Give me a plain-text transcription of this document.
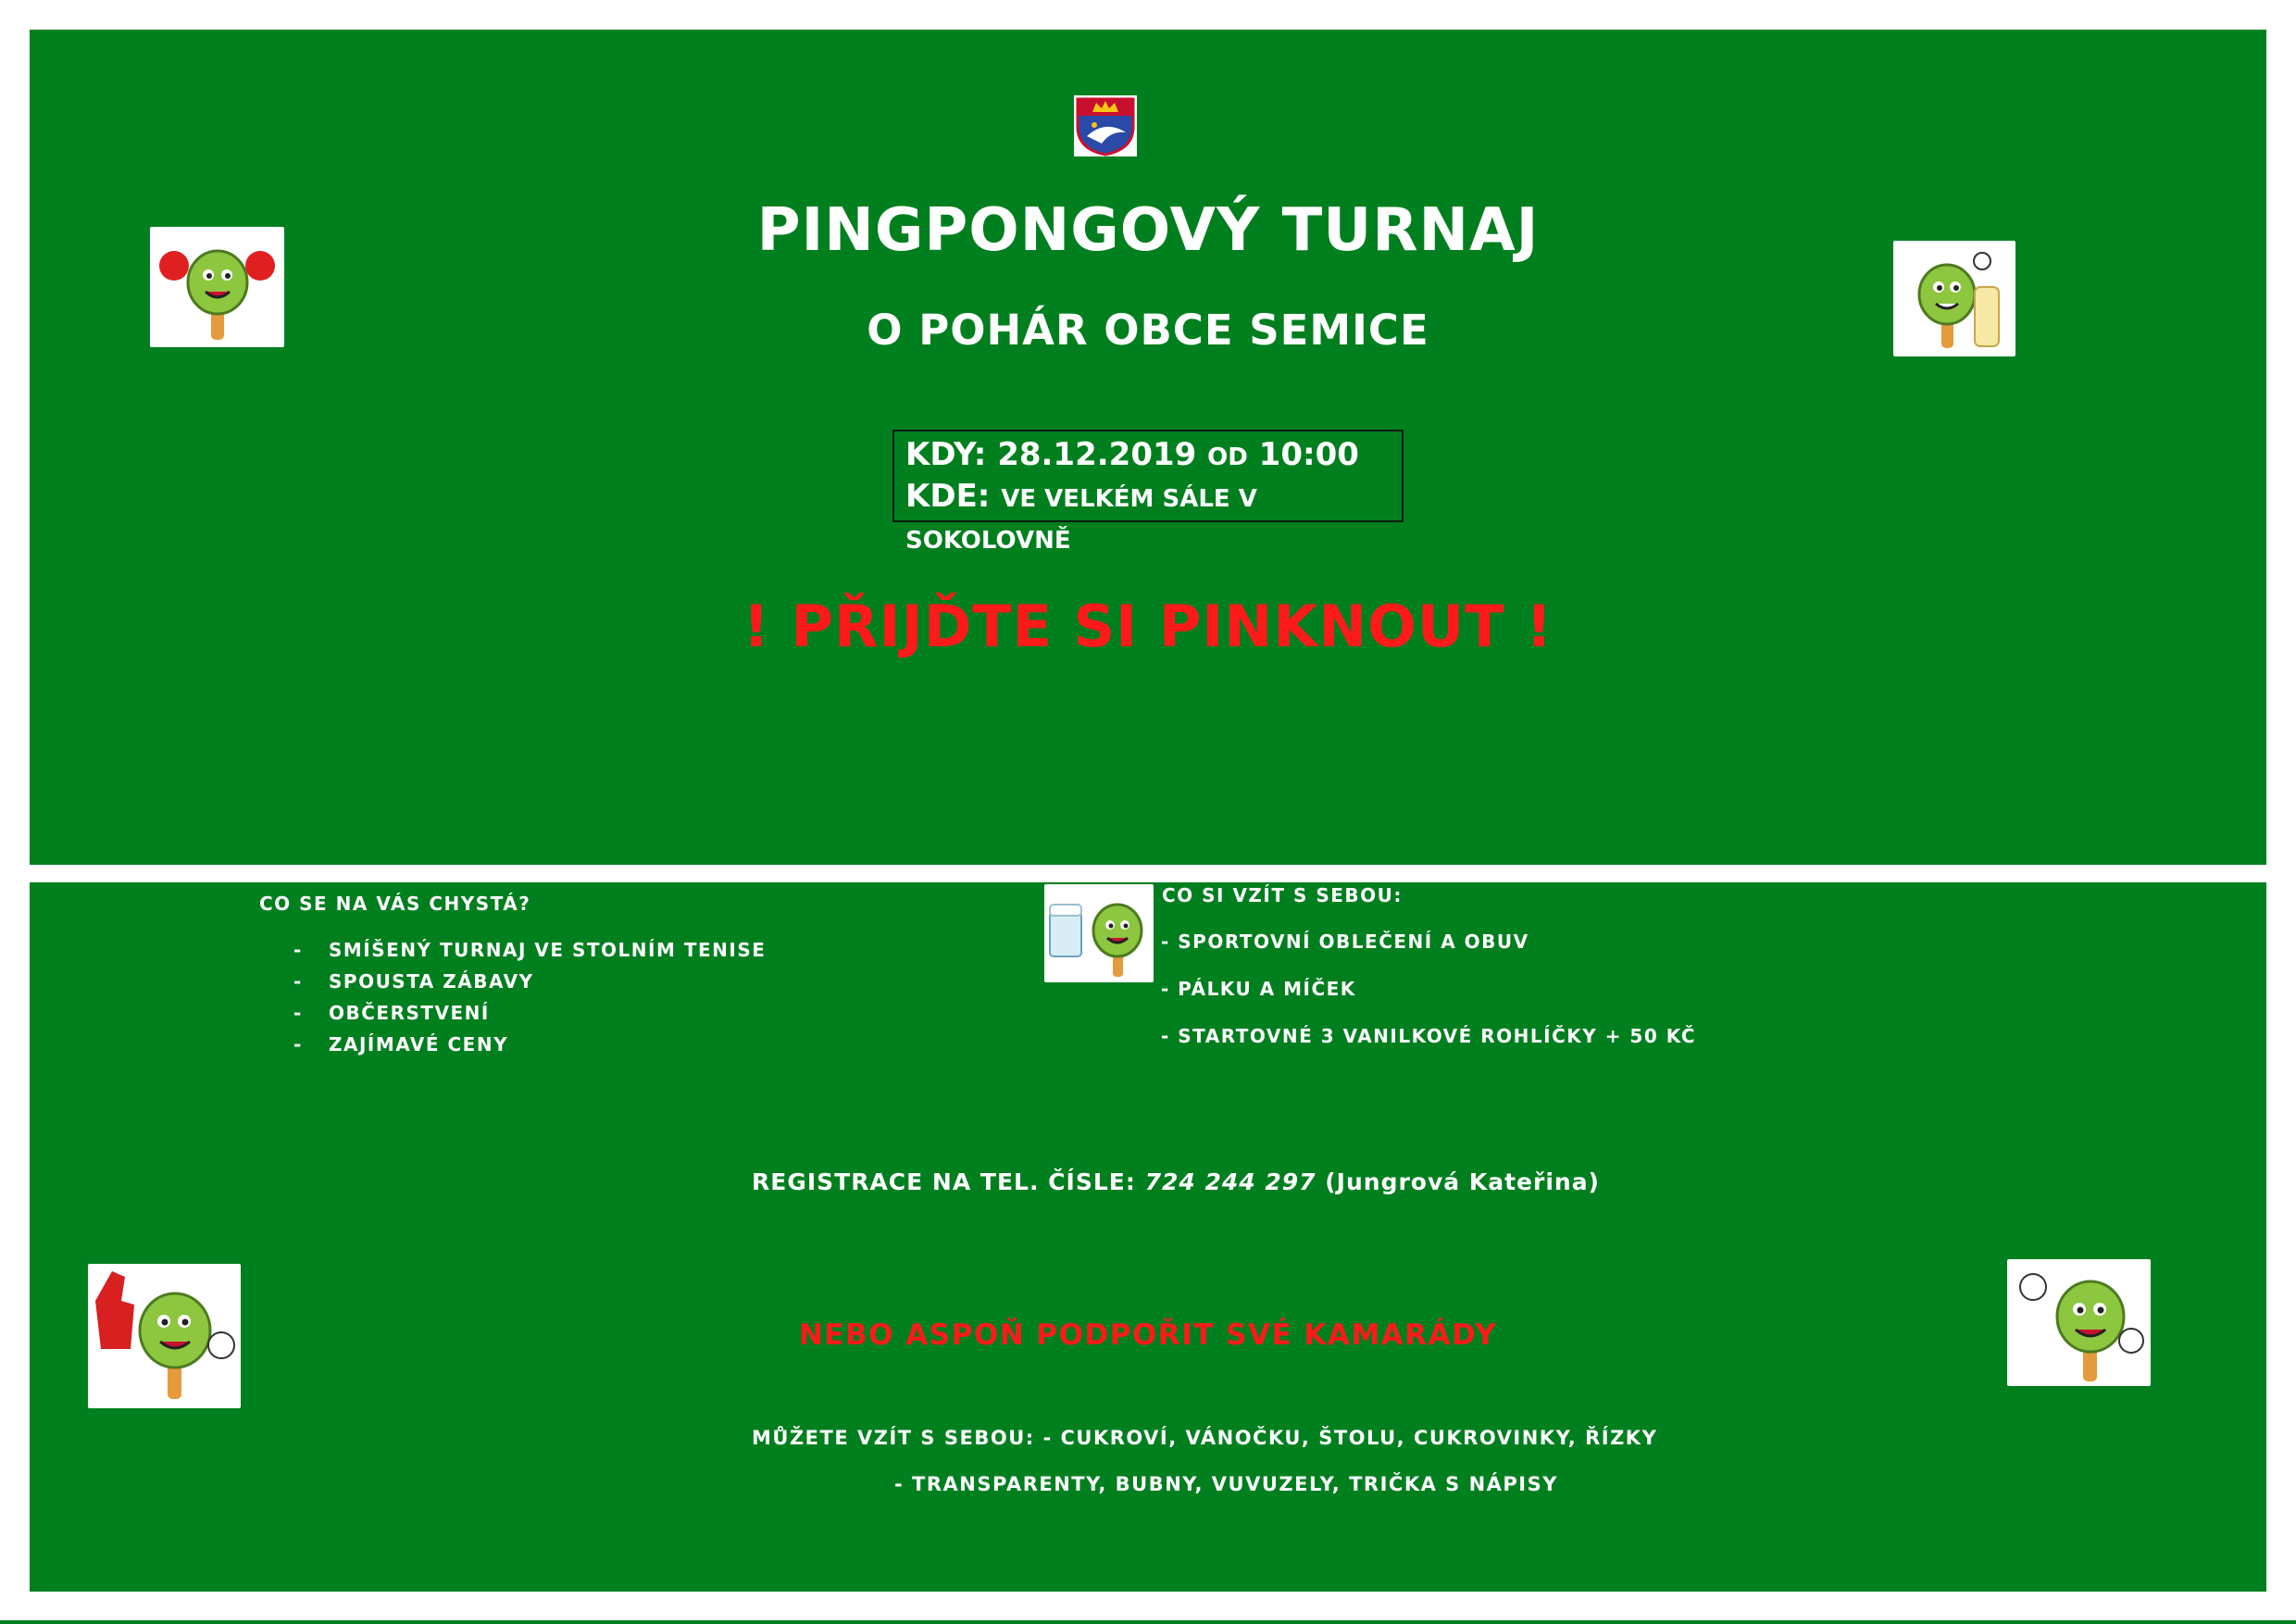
PINGPONGOVÝ TURNAJ
O POHÁR OBCE SEMICE
KDY: 28.12.2019 OD 10:00
KDE: VE VELKÉM SÁLE V SOKOLOVNĚ
! PŘIJĎTE SI PINKNOUT !
CO SE NA VÁS CHYSTÁ?
- SMÍŠENÝ TURNAJ VE STOLNÍM TENISE
- SPOUSTA ZÁBAVY
- OBČERSTVENÍ
- ZAJÍMAVÉ CENY
CO SI VZÍT S SEBOU:
- SPORTOVNÍ OBLEČENÍ A OBUV
- PÁLKU A MÍČEK
- STARTOVNÉ 3 VANILKOVÉ ROHLÍČKY + 50 KČ
REGISTRACE NA TEL. ČÍSLE: 724 244 297 (Jungrová Kateřina)
NEBO ASPOŇ PODPOŘIT SVÉ KAMARÁDY
MŮŽETE VZÍT S SEBOU: - CUKROVÍ, VÁNOČKU, ŠTOLU, CUKROVINKY, ŘÍZKY
- TRANSPARENTY, BUBNY, VUVUZELY, TRIČKA S NÁPISY
